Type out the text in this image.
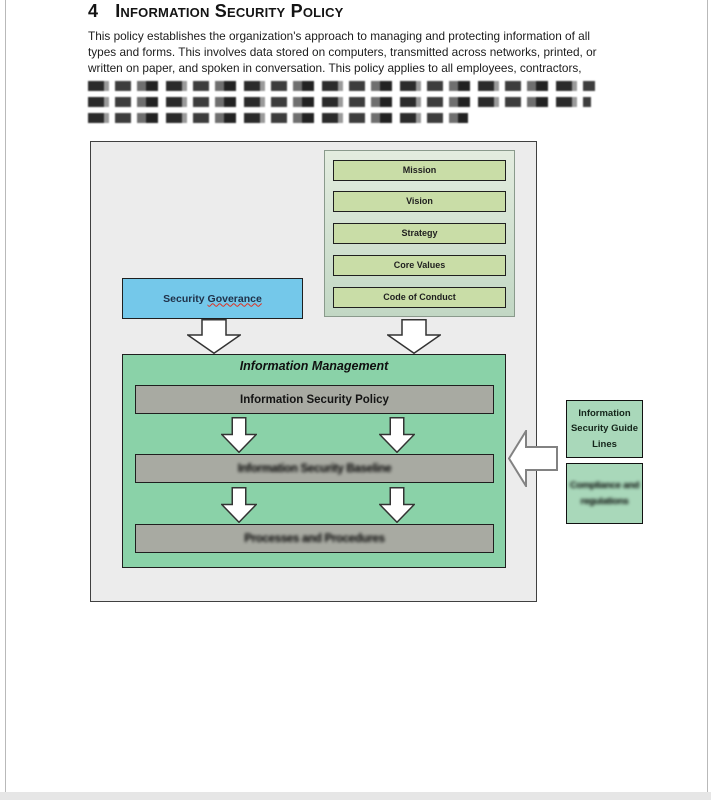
4 Information Security Policy
This policy establishes the organization's approach to managing and protecting information of all types and forms. This involves data stored on computers, transmitted across networks, printed, or written on paper, and spoken in conversation. This policy applies to all employees, contractors,
Mission
Vision
Strategy
Core Values
Code of Conduct
Security Goverance
Information Management
Information Security Policy
Information Security Baseline
Processes and Procedures
Information Security Guide Lines
Compliance and regulations
